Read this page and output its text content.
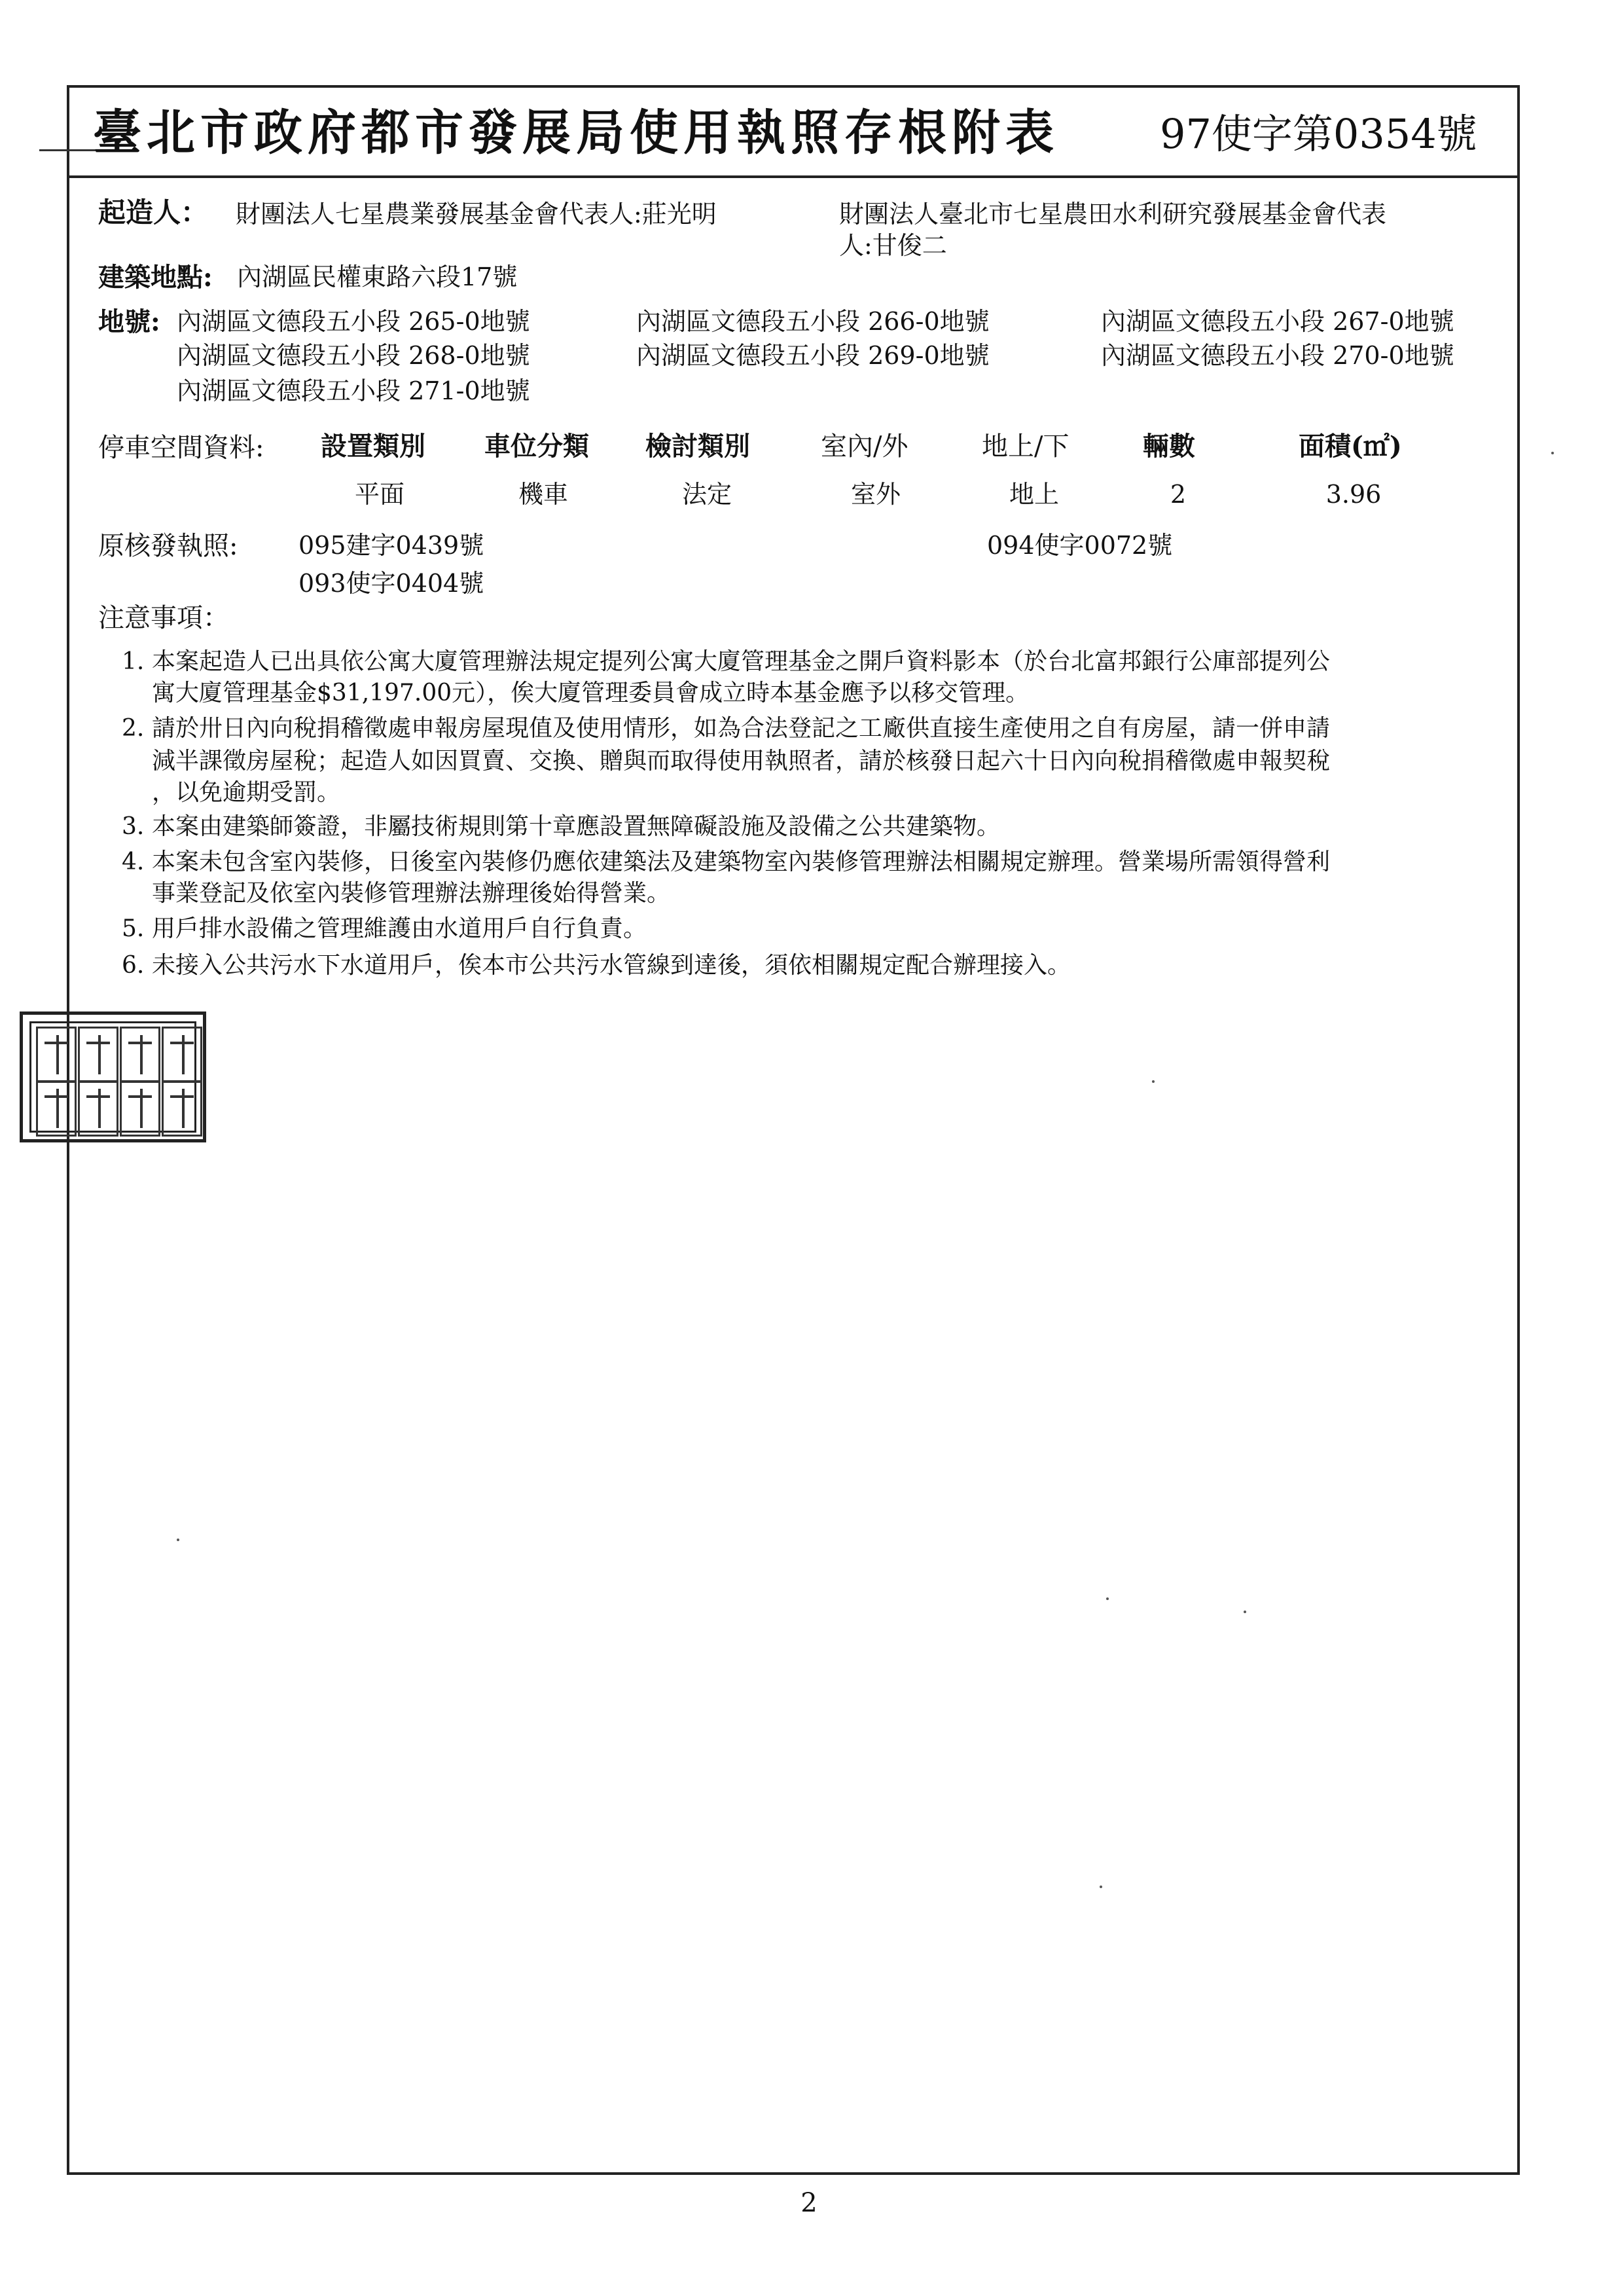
臺北市政府都市發展局使用執照存根附表 97使字第0354號
起造人： 財團法人七星農業發展基金會代表人:莊光明	財團法人臺北市七星農田水利研究發展基金會代表
人:甘俊二
建築地點: 內湖區民權東路六段17號
地號: 內湖區文德段五小段 265-0地號	內湖區文德段五小段 266-0地號	內湖區文德段五小段 267-0地號
內湖區文德段五小段 268-0地號	內湖區文德段五小段 269-0地號	內湖區文德段五小段 270-0地號
內湖區文德段五小段 271-0地號
停車空間資料: 設置類別 車位分類 檢討類別	室內/外	地上/下	輛數	面積(㎡)
平面	機車	法定	室外	地上	2	3.96
原核發執照: 095建字0439號	094使字0072號
093使字0404號
注意事項：
1. 本案起造人已出具依公寓大廈管理辦法規定提列公寓大廈管理基金之開戶資料影本（於台北富邦銀行公庫部提列公
寓大廈管理基金$31,197.00元），俟大廈管理委員會成立時本基金應予以移交管理。
2. 請於卅日內向稅捐稽徵處申報房屋現值及使用情形，如為合法登記之工廠供直接生產使用之自有房屋，請一併申請
減半課徵房屋稅；起造人如因買賣、交換、贈與而取得使用執照者，請於核發日起六十日內向稅捐稽徵處申報契稅
，以免逾期受罰。
3. 本案由建築師簽證，非屬技術規則第十章應設置無障礙設施及設備之公共建築物。
4. 本案未包含室內裝修，日後室內裝修仍應依建築法及建築物室內裝修管理辦法相關規定辦理。營業場所需領得營利
事業登記及依室內裝修管理辦法辦理後始得營業。
5. 用戶排水設備之管理維護由水道用戶自行負責。
6. 未接入公共污水下水道用戶，俟本市公共污水管線到達後，須依相關規定配合辦理接入。
2
